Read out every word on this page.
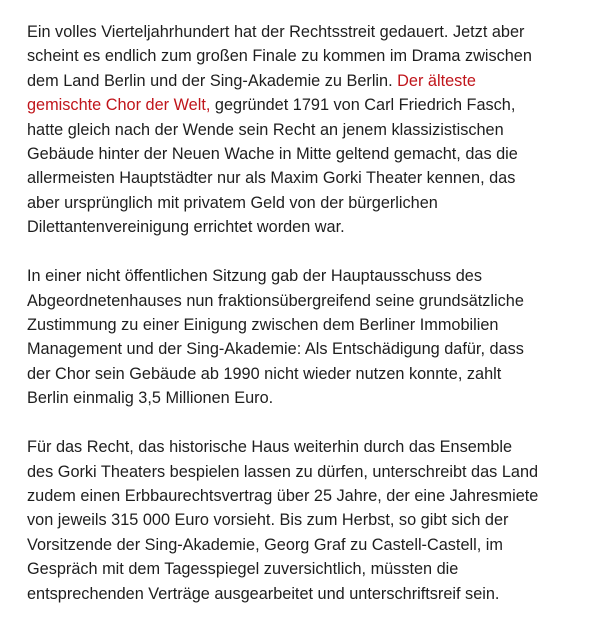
Ein volles Vierteljahrhundert hat der Rechtsstreit gedauert. Jetzt aber
scheint es endlich zum großen Finale zu kommen im Drama zwischen
dem Land Berlin und der Sing-Akademie zu Berlin. Der älteste
gemischte Chor der Welt, gegründet 1791 von Carl Friedrich Fasch,
hatte gleich nach der Wende sein Recht an jenem klassizistischen
Gebäude hinter der Neuen Wache in Mitte geltend gemacht, das die
allermeisten Hauptstädter nur als Maxim Gorki Theater kennen, das
aber ursprünglich mit privatem Geld von der bürgerlichen
Dilettantenvereinigung errichtet worden war.

In einer nicht öffentlichen Sitzung gab der Hauptausschuss des
Abgeordnetenhauses nun fraktionsübergreifend seine grundsätzliche
Zustimmung zu einer Einigung zwischen dem Berliner Immobilien
Management und der Sing-Akademie: Als Entschädigung dafür, dass
der Chor sein Gebäude ab 1990 nicht wieder nutzen konnte, zahlt
Berlin einmalig 3,5 Millionen Euro.

Für das Recht, das historische Haus weiterhin durch das Ensemble
des Gorki Theaters bespielen lassen zu dürfen, unterschreibt das Land
zudem einen Erbbaurechtsvertrag über 25 Jahre, der eine Jahresmiete
von jeweils 315 000 Euro vorsieht. Bis zum Herbst, so gibt sich der
Vorsitzende der Sing-Akademie, Georg Graf zu Castell-Castell, im
Gespräch mit dem Tagesspiegel zuversichtlich, müssten die
entsprechenden Verträge ausgearbeitet und unterschriftsreif sein.
